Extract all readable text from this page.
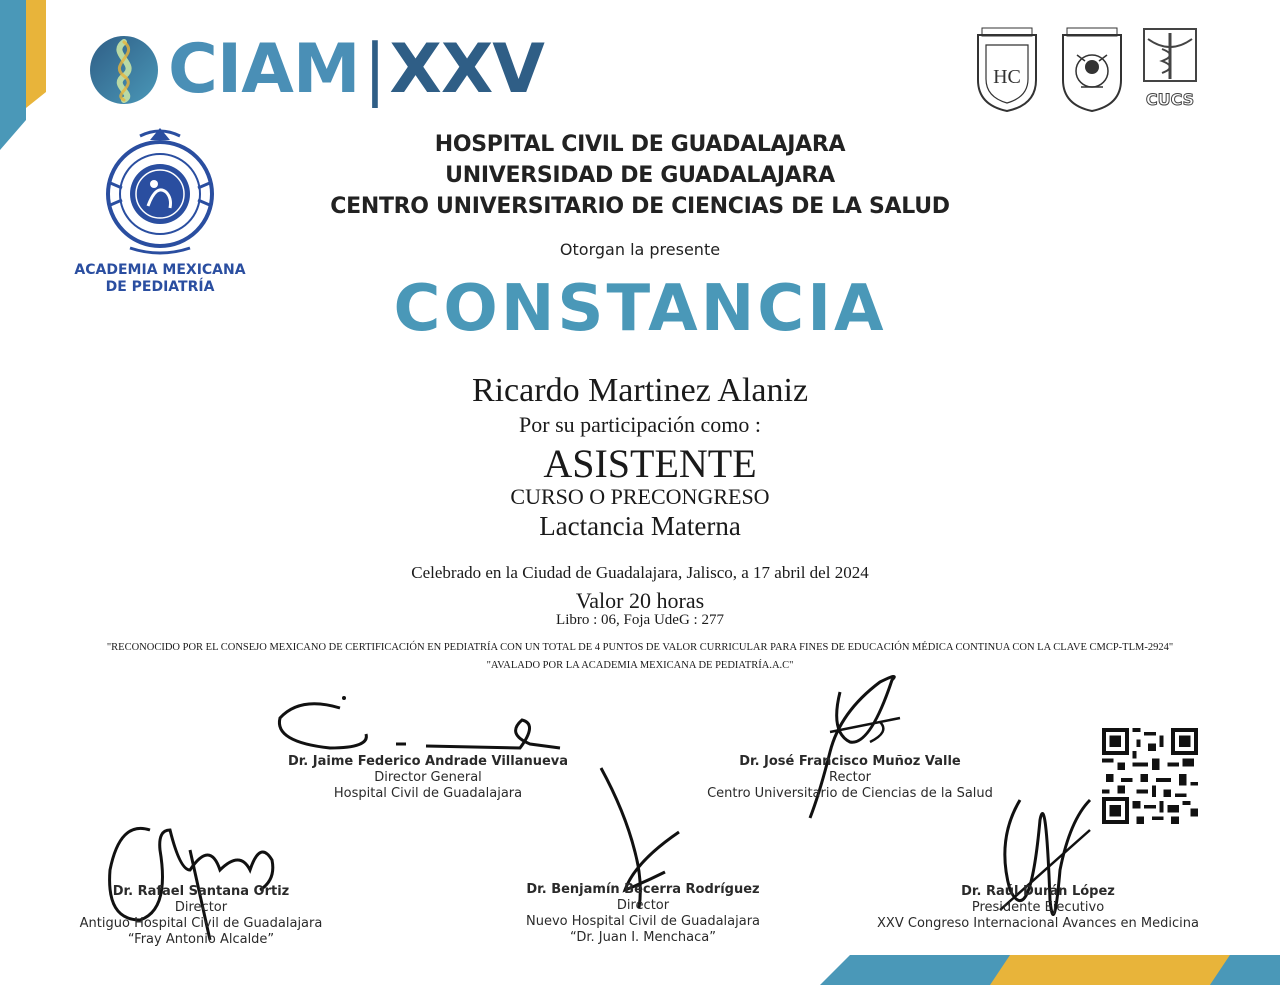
CIAM|XXV	HC
CUCS
ACADEMIA MEXICANA
DE PEDIATRÍA
HOSPITAL CIVIL DE GUADALAJARA
UNIVERSIDAD DE GUADALAJARA
CENTRO UNIVERSITARIO DE CIENCIAS DE LA SALUD
Otorgan la presente
CONSTANCIA
Ricardo Martinez Alaniz
Por su participación como :
ASISTENTE
CURSO O PRECONGRESO
Lactancia Materna
Celebrado en la Ciudad de Guadalajara, Jalisco, a 17 abril del 2024
Valor 20 horas
Libro : 06, Foja UdeG : 277
"RECONOCIDO POR EL CONSEJO MEXICANO DE CERTIFICACIÓN EN PEDIATRÍA CON UN TOTAL DE 4 PUNTOS DE VALOR CURRICULAR PARA FINES DE EDUCACIÓN MÉDICA CONTINUA CON LA CLAVE CMCP-TLM-2924"
"AVALADO POR LA ACADEMIA MEXICANA DE PEDIATRÍA.A.C"
Dr. Jaime Federico Andrade Villanueva
Director General
Hospital Civil de Guadalajara
Dr. José Francisco Muñoz Valle
Rector
Centro Universitario de Ciencias de la Salud
Dr. Rafael Santana Ortiz
Director
Antiguo Hospital Civil de Guadalajara
“Fray Antonio Alcalde”
Dr. Benjamín Becerra Rodríguez
Director
Nuevo Hospital Civil de Guadalajara
“Dr. Juan I. Menchaca”
Dr. Raúl Durán López
Presidente Ejecutivo
XXV Congreso Internacional Avances en Medicina
